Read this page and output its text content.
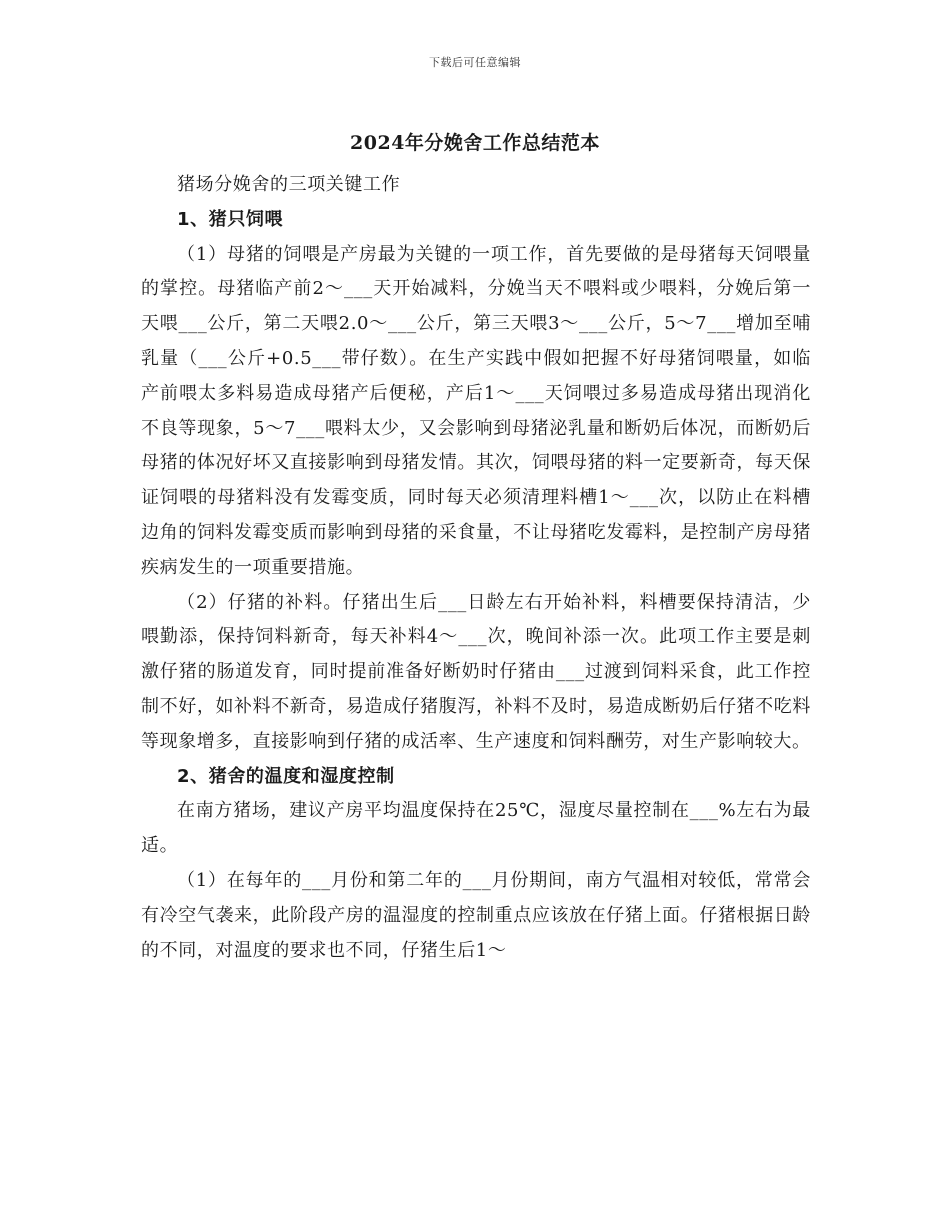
下载后可任意编辑
2024年分娩舍工作总结范本

猪场分娩舍的三项关键工作

1、猪只饲喂

（1）母猪的饲喂是产房最为关键的一项工作，首先要做的是母猪每天饲喂量的掌控。母猪临产前2～___天开始减料，分娩当天不喂料或少喂料，分娩后第一天喂___公斤，第二天喂2.0～___公斤，第三天喂3～___公斤，5～7___增加至哺乳量（___公斤+0.5___带仔数）。在生产实践中假如把握不好母猪饲喂量，如临产前喂太多料易造成母猪产后便秘，产后1～___天饲喂过多易造成母猪出现消化不良等现象，5～7___喂料太少，又会影响到母猪泌乳量和断奶后体况，而断奶后母猪的体况好坏又直接影响到母猪发情。其次，饲喂母猪的料一定要新奇，每天保证饲喂的母猪料没有发霉变质，同时每天必须清理料槽1～___次，以防止在料槽边角的饲料发霉变质而影响到母猪的采食量，不让母猪吃发霉料，是控制产房母猪疾病发生的一项重要措施。

（2）仔猪的补料。仔猪出生后___日龄左右开始补料，料槽要保持清洁，少喂勤添，保持饲料新奇，每天补料4～___次，晚间补添一次。此项工作主要是刺激仔猪的肠道发育，同时提前准备好断奶时仔猪由___过渡到饲料采食，此工作控制不好，如补料不新奇，易造成仔猪腹泻，补料不及时，易造成断奶后仔猪不吃料等现象增多，直接影响到仔猪的成活率、生产速度和饲料酬劳，对生产影响较大。

2、猪舍的温度和湿度控制

在南方猪场，建议产房平均温度保持在25℃，湿度尽量控制在___%左右为最适。

（1）在每年的___月份和第二年的___月份期间，南方气温相对较低，常常会有冷空气袭来，此阶段产房的温湿度的控制重点应该放在仔猪上面。仔猪根据日龄的不同，对温度的要求也不同，仔猪生后1～
